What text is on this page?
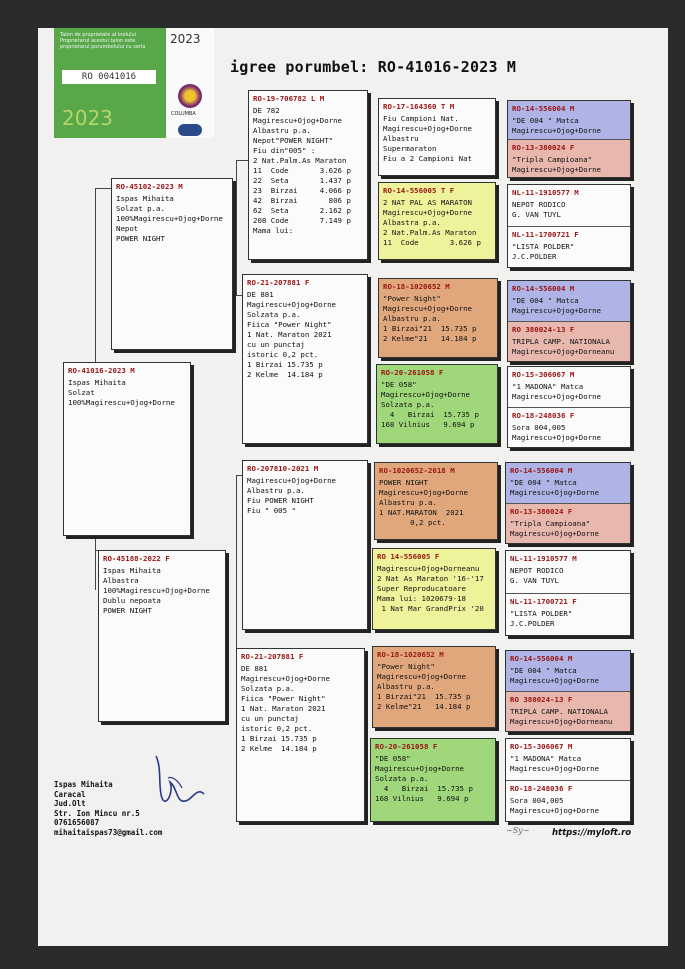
Talon de proprietate al inelului Proprietarul acestui talon este proprietarul porumbelului cu seria
RO 0041016
2023
2023	COLUMBA
igree porumbel: RO-41016-2023 M
RO-41016-2023 M
Ispas Mihaita
Solzat
100%Magirescu+Ojog+Dorne
RO-45102-2023 M
Ispas Mihaita
Solzat p.a.
100%Magirescu+Ojog+Dorne
Nepot
POWER NIGHT
RO-45188-2022 F
Ispas Mihaita
Albastra
100%Magirescu+Ojog+Dorne
Dublu nepoata
POWER NIGHT
RO-19-706782 L M
DE 782
Magirescu+Ojog+Dorne
Albastru p.a.
Nepot"POWER NIGHT"
Fiu din"005" :
2 Nat.Palm.As Maraton
11  Code       3.626 p
22  Seta       1.437 p
23  Birzai     4.066 p
42  Birzai       806 p
62  Seta       2.162 p
208 Code       7.149 p
Mama lui:
RO-21-207881 F
DE 881
Magirescu+Ojog+Dorne
Solzata p.a.
Fiica "Power Night"
1 Nat. Maraton 2021
cu un punctaj
istoric 0,2 pct.
1 Birzai 15.735 p
2 Kelme  14.184 p
RO-207810-2021 M
Magirescu+Ojog+Dorne
Albastru p.a.
Fiu POWER NIGHT
Fiu " 005 "
RO-21-207881 F
DE 881
Magirescu+Ojog+Dorne
Solzata p.a.
Fiica "Power Night"
1 Nat. Maraton 2021
cu un punctaj
istoric 0,2 pct.
1 Birzai 15.735 p
2 Kelme  14.184 p
RO-17-164360 T M
Fiu Campioni Nat.
Magirescu+Ojog+Dorne
Albastru
Supermaraton
Fiu a 2 Campioni Nat
RO-14-556005 T F
2 NAT PAL AS MARATON
Magirescu+Ojog+Dorne
Albastra p.a.
2 Nat.Palm.As Maraton
11  Code       3.626 p
RO-18-1020652 M
"Power Night"
Magirescu+Ojog+Dorne
Albastru p.a.
1 Birzai"21  15.735 p
2 Kelme"21   14.184 p
RO-20-261058 F
"DE 058"
Magirescu+Ojog+Dorne
Solzata p.a.
4   Birzai  15.735 p
168 Vilnius   9.694 p
RO-1020652-2018 M
POWER NIGHT
Magirescu+Ojog+Dorne
Albastru p.a.
1 NAT.MARATON  2021
0,2 pct.
RO 14-556005 F
Magirescu+Ojog+Dorneanu
2 Nat As Maraton '16-'17
Super Reproducatoare
Mama lui: 1020679-18
1 Nat Mar GrandPrix '20
RO-18-1020652 M
"Power Night"
Magirescu+Ojog+Dorne
Albastru p.a.
1 Birzai"21  15.735 p
2 Kelme"21   14.184 p
RO-20-261058 F
"DE 058"
Magirescu+Ojog+Dorne
Solzata p.a.
4   Birzai  15.735 p
168 Vilnius   9.694 p
RO-14-556004 M
"DE 004 " Matca
Magirescu+Ojog+Dorne
RO-13-380024 F
"Tripla Campioana"
Magirescu+Ojog+Dorne
NL-11-1910577 M
NEPOT RODICO
G. VAN TUYL
NL-11-1700721 F
"LISTA POLDER"
J.C.POLDER
RO-14-556004 M
"DE 004 " Matca
Magirescu+Ojog+Dorne
RO 380024-13 F
TRIPLA CAMP. NATIONALA
Magirescu+Ojog+Dorneanu
RO-15-306067 M
"1 MADONA" Matca
Magirescu+Ojog+Dorne
RO-18-248036 F
Sora 004,005
Magirescu+Ojog+Dorne
RO-14-556004 M
"DE 004 " Matca
Magirescu+Ojog+Dorne
RO-13-380024 F
"Tripla Campioana"
Magirescu+Ojog+Dorne
NL-11-1910577 M
NEPOT RODICO
G. VAN TUYL
NL-11-1700721 F
"LISTA POLDER"
J.C.POLDER
RO-14-556004 M
"DE 004 " Matca
Magirescu+Ojog+Dorne
RO 380024-13 F
TRIPLA CAMP. NATIONALA
Magirescu+Ojog+Dorneanu
RO-15-306067 M
"1 MADONA" Matca
Magirescu+Ojog+Dorne
RO-18-248036 F
Sora 004,005
Magirescu+Ojog+Dorne
Ispas Mihaita
Caracal
Jud.Olt
Str. Ion Mincu nr.5
0761656087
mihaitaispas73@gmail.com	~Sy~	https://myloft.ro
